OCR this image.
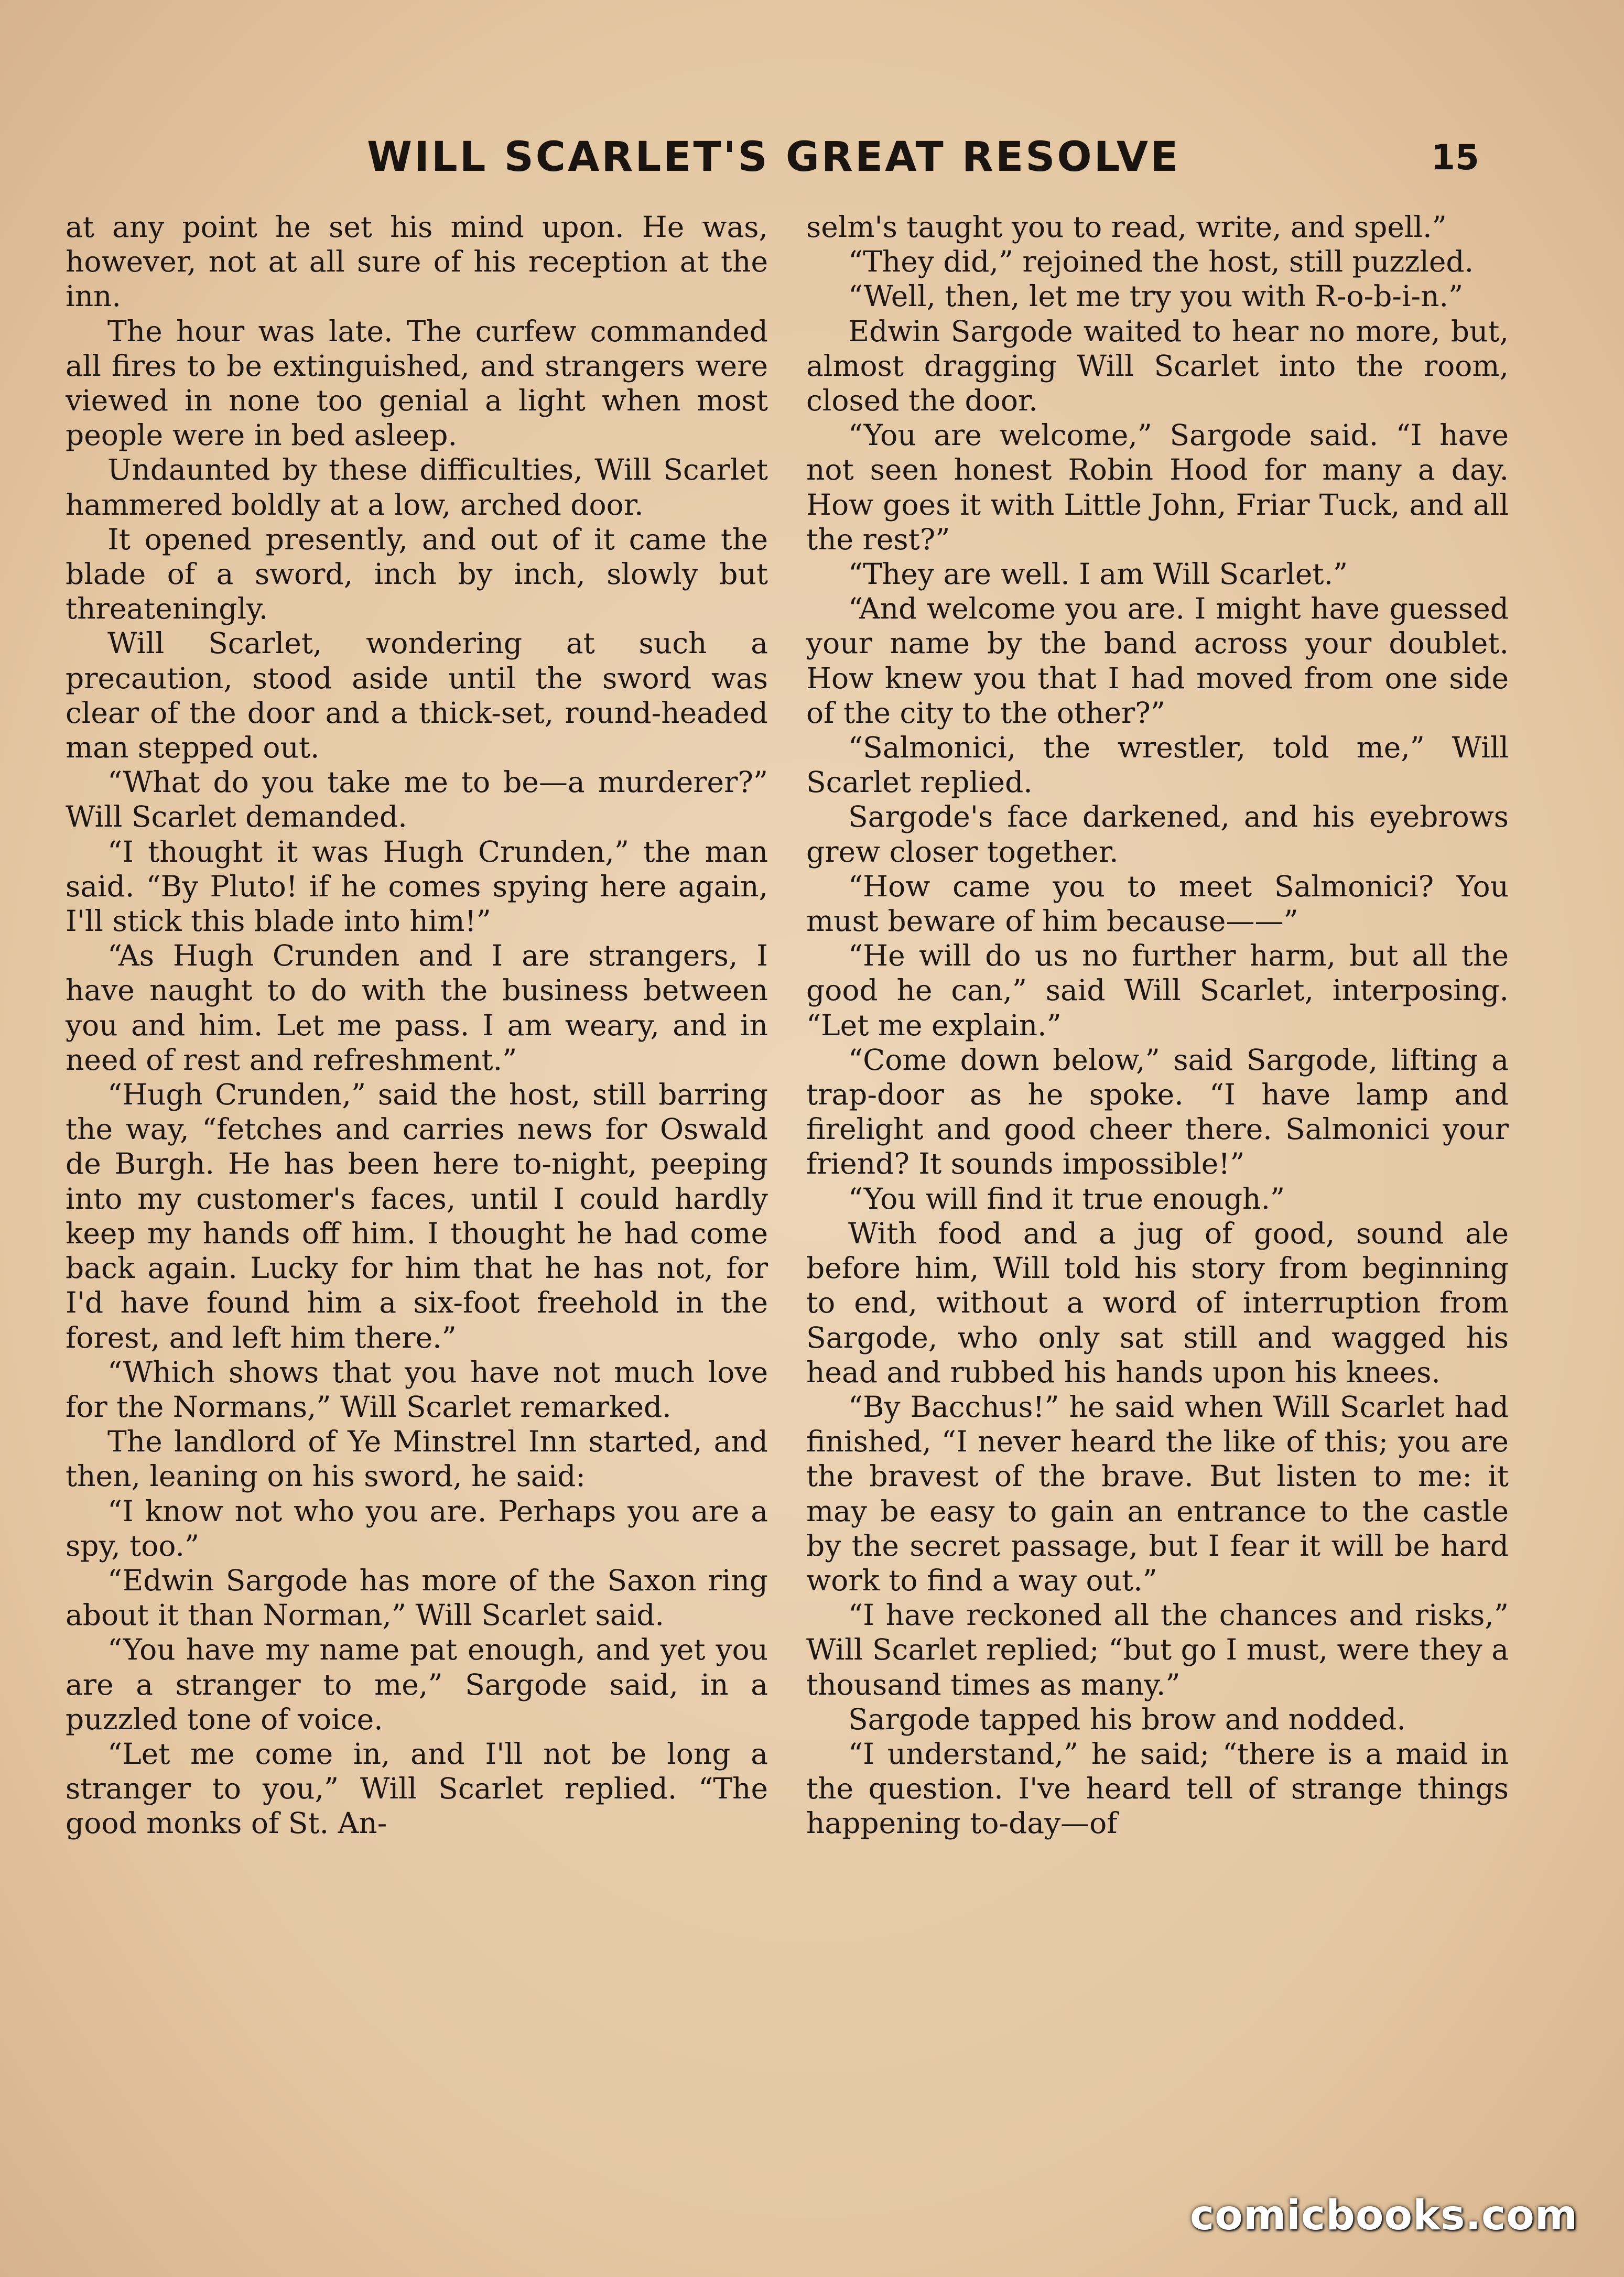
WILL SCARLET'S GREAT RESOLVE	15

at any point he set his mind upon. He was, however, not at all sure of his reception at the inn.

The hour was late. The curfew commanded all fires to be extinguished, and strangers were viewed in none too genial a light when most people were in bed asleep.

Undaunted by these difficulties, Will Scarlet hammered boldly at a low, arched door.

It opened presently, and out of it came the blade of a sword, inch by inch, slowly but threateningly.

Will Scarlet, wondering at such a precaution, stood aside until the sword was clear of the door and a thick-set, round-headed man stepped out.

“What do you take me to be—a murderer?” Will Scarlet demanded.

“I thought it was Hugh Crunden,” the man said. “By Pluto! if he comes spying here again, I'll stick this blade into him!”

“As Hugh Crunden and I are strangers, I have naught to do with the business between you and him. Let me pass. I am weary, and in need of rest and refreshment.”

“Hugh Crunden,” said the host, still barring the way, “fetches and carries news for Oswald de Burgh. He has been here to-night, peeping into my customer's faces, until I could hardly keep my hands off him. I thought he had come back again. Lucky for him that he has not, for I'd have found him a six-foot freehold in the forest, and left him there.”

“Which shows that you have not much love for the Normans,” Will Scarlet remarked.

The landlord of Ye Minstrel Inn started, and then, leaning on his sword, he said:

“I know not who you are. Perhaps you are a spy, too.”

“Edwin Sargode has more of the Saxon ring about it than Norman,” Will Scarlet said.

“You have my name pat enough, and yet you are a stranger to me,” Sargode said, in a puzzled tone of voice.

“Let me come in, and I'll not be long a stranger to you,” Will Scarlet replied. “The good monks of St. An-

selm's taught you to read, write, and spell.”

“They did,” rejoined the host, still puzzled.

“Well, then, let me try you with R-o-b-i-n.”

Edwin Sargode waited to hear no more, but, almost dragging Will Scarlet into the room, closed the door.

“You are welcome,” Sargode said. “I have not seen honest Robin Hood for many a day. How goes it with Little John, Friar Tuck, and all the rest?”

“They are well. I am Will Scarlet.”

“And welcome you are. I might have guessed your name by the band across your doublet. How knew you that I had moved from one side of the city to the other?”

“Salmonici, the wrestler, told me,” Will Scarlet replied.

Sargode's face darkened, and his eyebrows grew closer together.

“How came you to meet Salmonici? You must beware of him because——”

“He will do us no further harm, but all the good he can,” said Will Scarlet, interposing. “Let me explain.”

“Come down below,” said Sargode, lifting a trap-door as he spoke. “I have lamp and firelight and good cheer there. Salmonici your friend? It sounds impossible!”

“You will find it true enough.”

With food and a jug of good, sound ale before him, Will told his story from beginning to end, without a word of interruption from Sargode, who only sat still and wagged his head and rubbed his hands upon his knees.

“By Bacchus!” he said when Will Scarlet had finished, “I never heard the like of this; you are the bravest of the brave. But listen to me: it may be easy to gain an entrance to the castle by the secret passage, but I fear it will be hard work to find a way out.”

“I have reckoned all the chances and risks,” Will Scarlet replied; “but go I must, were they a thousand times as many.”

Sargode tapped his brow and nodded.

“I understand,” he said; “there is a maid in the question. I've heard tell of strange things happening to-day—of

comicbooks.com
